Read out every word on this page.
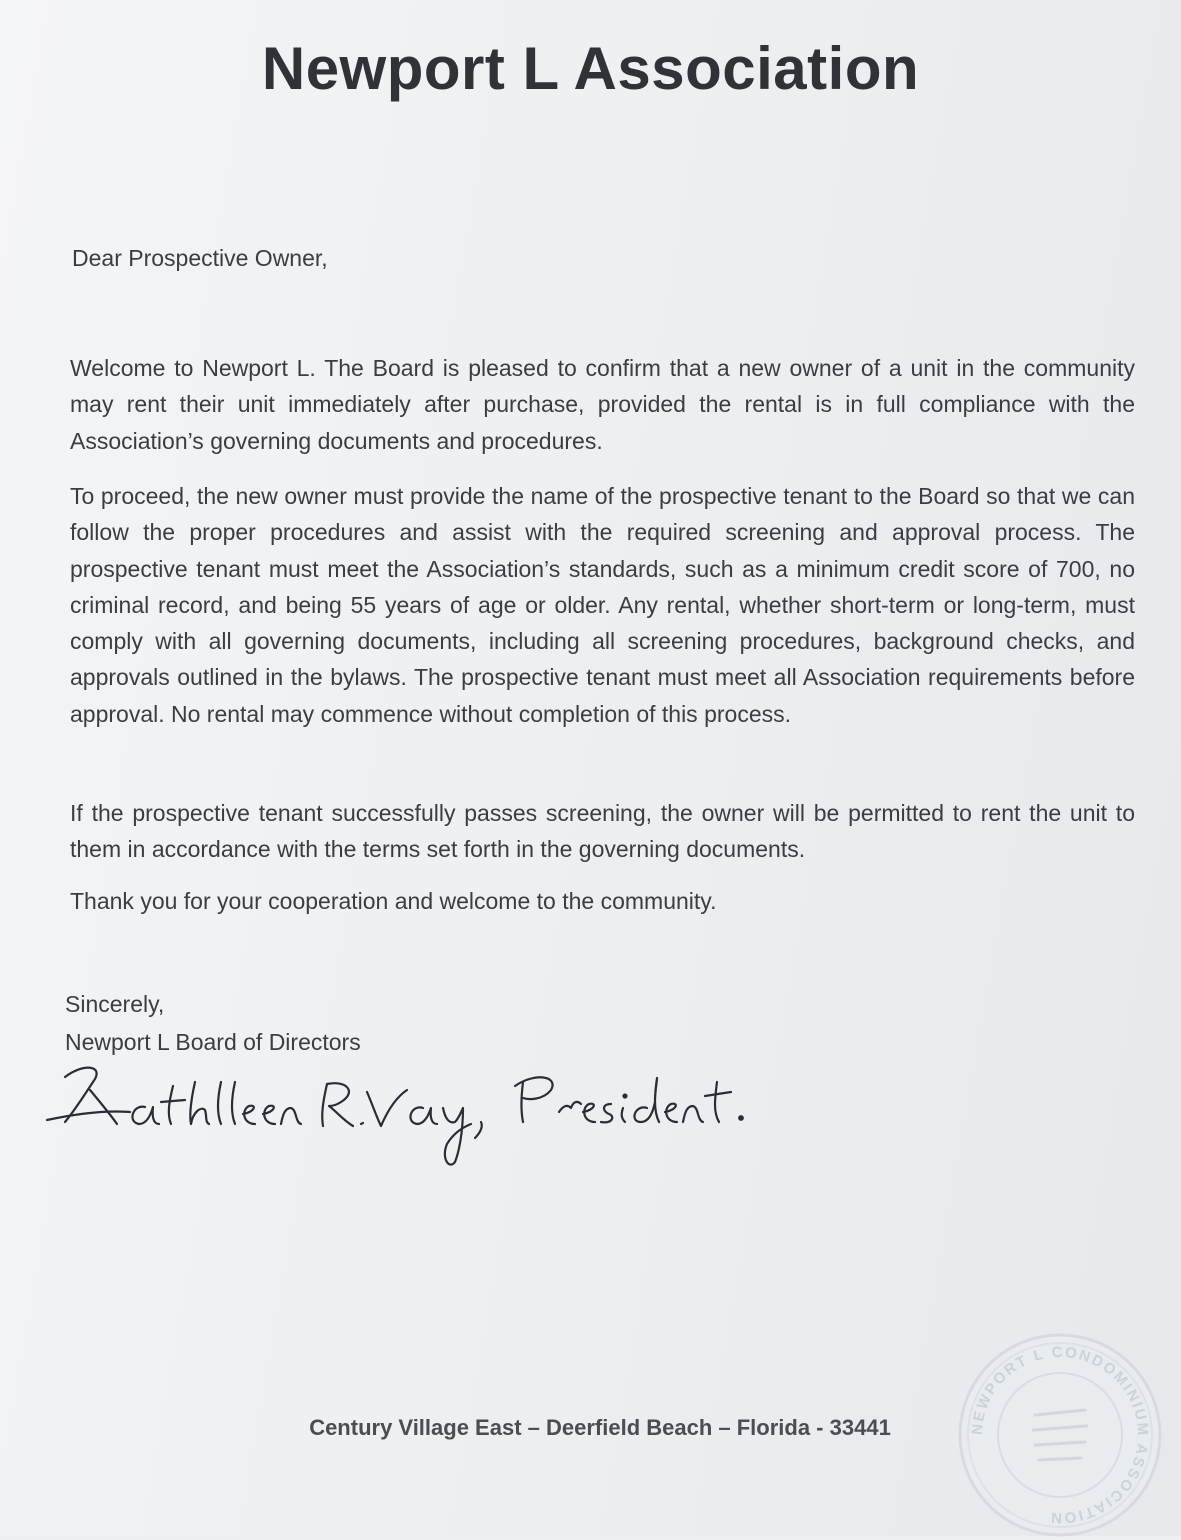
Newport L Association

Dear Prospective Owner,

Welcome to Newport L. The Board is pleased to confirm that a new owner of a unit in the community may rent their unit immediately after purchase, provided the rental is in full compliance with the Association’s governing documents and procedures.

To proceed, the new owner must provide the name of the prospective tenant to the Board so that we can follow the proper procedures and assist with the required screening and approval process. The prospective tenant must meet the Association’s standards, such as a minimum credit score of 700, no criminal record, and being 55 years of age or older. Any rental, whether short-term or long-term, must comply with all governing documents, including all screening procedures, background checks, and approvals outlined in the bylaws. The prospective tenant must meet all Association requirements before approval. No rental may commence without completion of this process.

If the prospective tenant successfully passes screening, the owner will be permitted to rent the unit to them in accordance with the terms set forth in the governing documents.

Thank you for your cooperation and welcome to the community.

Sincerely,
Newport L Board of Directors

Century Village East – Deerfield Beach – Florida - 33441	NEWPORT L CONDOMINIUM ASSOCIATION
